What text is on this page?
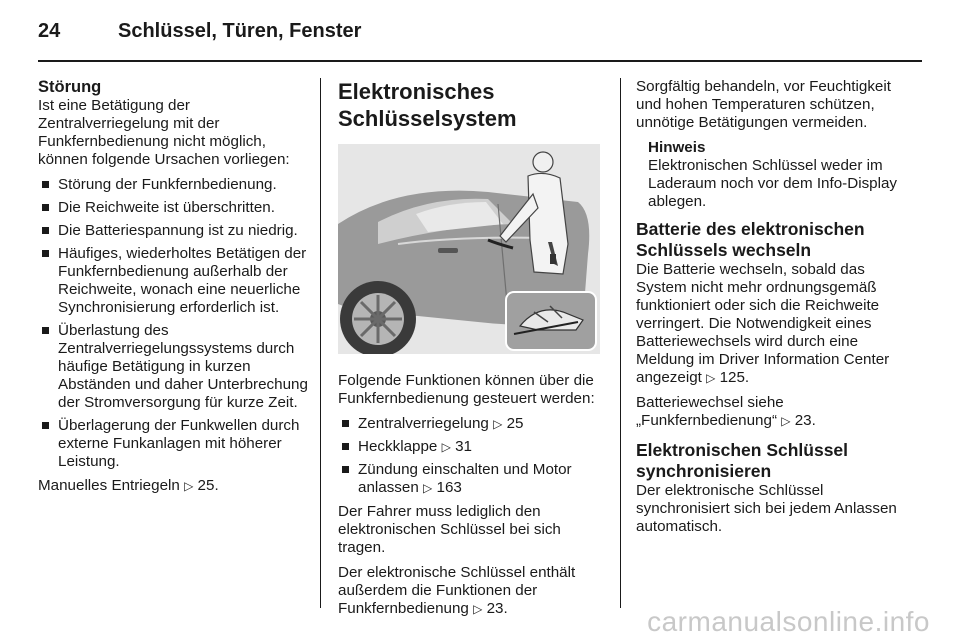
24	Schlüssel, Türen, Fenster
Störung

Ist eine Betätigung der Zentralverriegelung mit der Funkfernbedienung nicht möglich, können folgende Ursachen vorliegen:

Störung der Funkfernbedienung.
Die Reichweite ist überschritten.
Die Batteriespannung ist zu niedrig.
Häufiges, wiederholtes Betätigen der Funkfernbedienung außerhalb der Reichweite, wonach eine neuerliche Synchronisierung erforderlich ist.
Überlastung des Zentralverriegelungssystems durch häufige Betätigung in kurzen Abständen und daher Unterbrechung der Stromversorgung für kurze Zeit.
Überlagerung der Funkwellen durch externe Funkanlagen mit höherer Leistung.

Manuelles Entriegeln ▷ 25.

Elektronisches Schlüsselsystem

Folgende Funktionen können über die Funkfernbedienung gesteuert werden:

Zentralverriegelung ▷ 25
Heckklappe ▷ 31
Zündung einschalten und Motor anlassen ▷ 163

Der Fahrer muss lediglich den elektronischen Schlüssel bei sich tragen.

Der elektronische Schlüssel enthält außerdem die Funktionen der Funkfernbedienung ▷ 23.

Sorgfältig behandeln, vor Feuchtigkeit und hohen Temperaturen schützen, unnötige Betätigungen vermeiden.

Hinweis
Elektronischen Schlüssel weder im Laderaum noch vor dem Info-Display ablegen.
Batterie des elektronischen Schlüssels wechseln

Die Batterie wechseln, sobald das System nicht mehr ordnungsgemäß funktioniert oder sich die Reichweite verringert. Die Notwendigkeit eines Batteriewechsels wird durch eine Meldung im Driver Information Center angezeigt ▷ 125.

Batteriewechsel siehe „Funkfernbedienung“ ▷ 23.

Elektronischen Schlüssel synchronisieren

Der elektronische Schlüssel synchronisiert sich bei jedem Anlassen automatisch.

carmanualsonline.info
